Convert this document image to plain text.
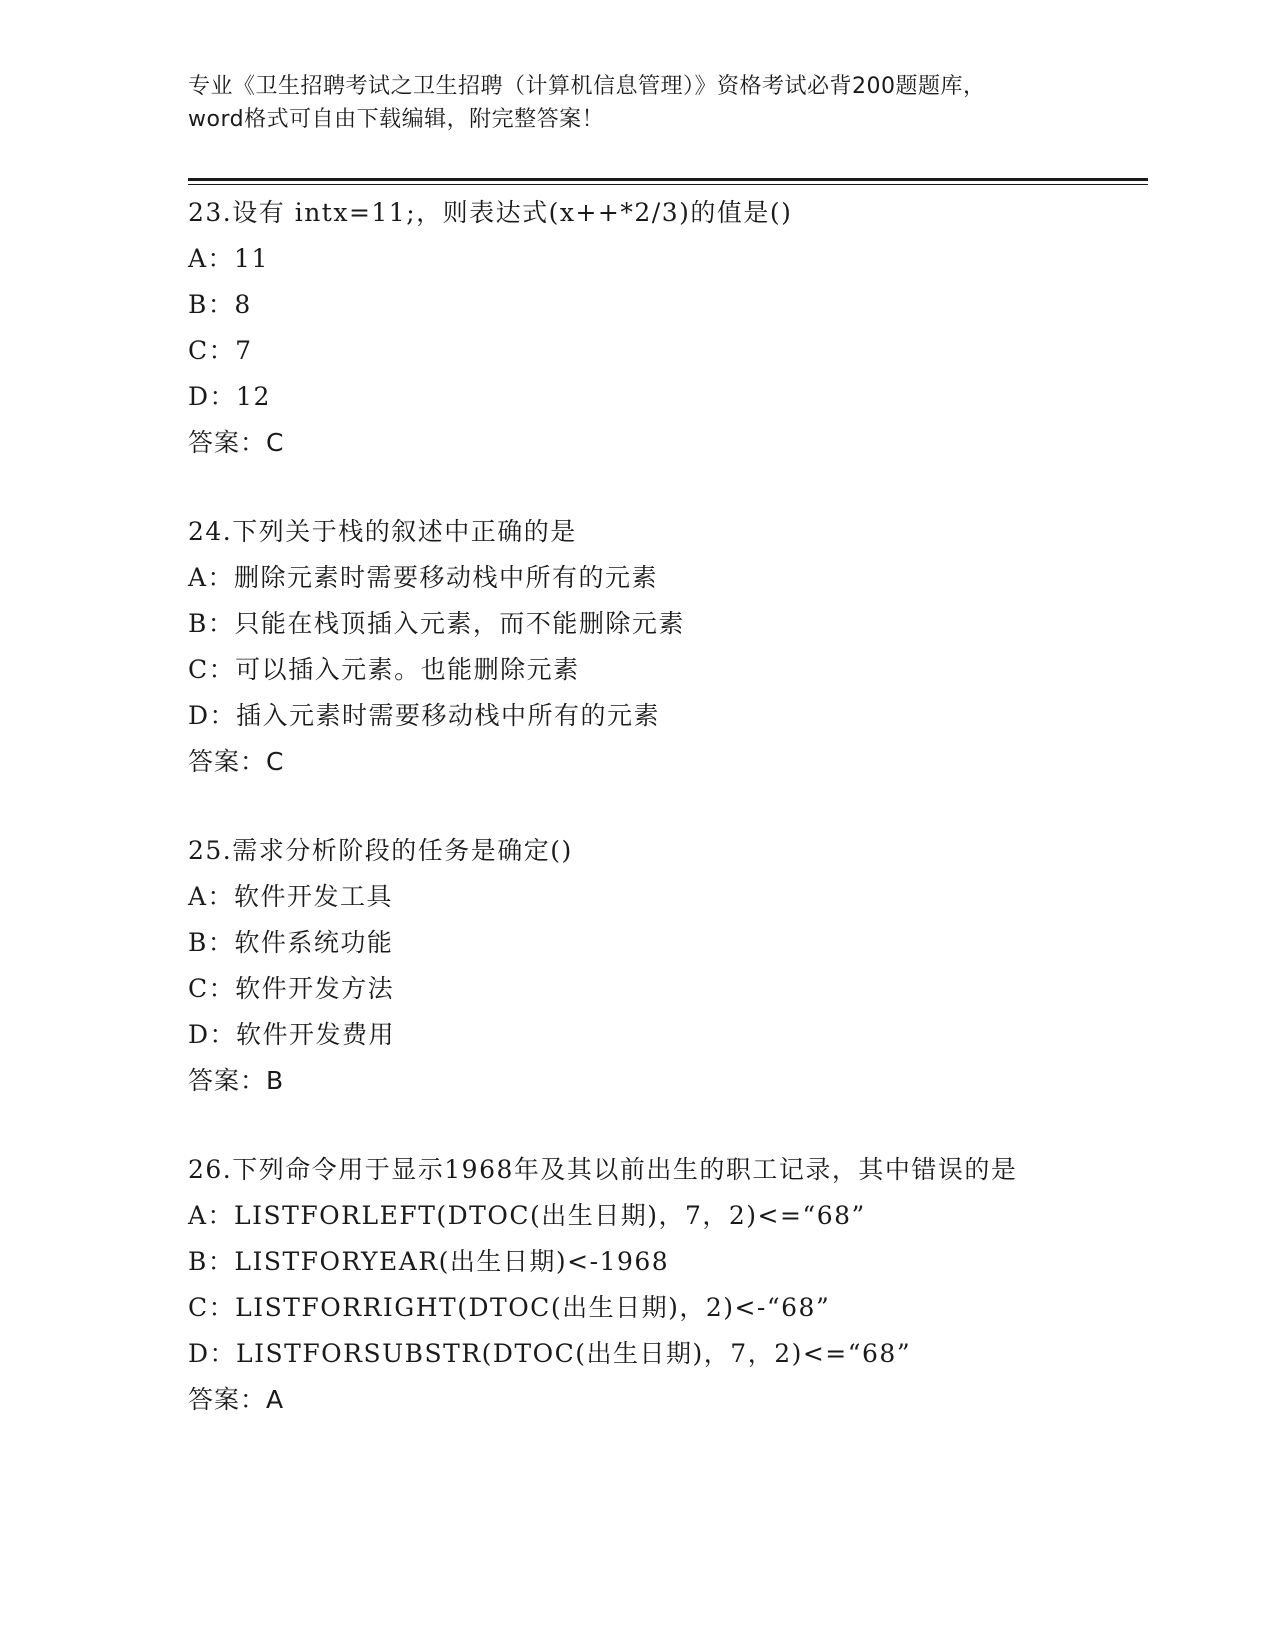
专业《卫生招聘考试之卫生招聘（计算机信息管理）》资格考试必背200题题库，
word格式可自由下载编辑，附完整答案！
23.设有 intx=11;，则表达式(x++*2/3)的值是()
A：11
B：8
C：7
D：12
答案：C
24.下列关于栈的叙述中正确的是
A：删除元素时需要移动栈中所有的元素
B：只能在栈顶插入元素，而不能删除元素
C：可以插入元素。也能删除元素
D：插入元素时需要移动栈中所有的元素
答案：C
25.需求分析阶段的任务是确定()
A：软件开发工具
B：软件系统功能
C：软件开发方法
D：软件开发费用
答案：B
26.下列命令用于显示1968年及其以前出生的职工记录，其中错误的是
A：LISTFORLEFT(DTOC(出生日期)，7，2)<=“68”
B：LISTFORYEAR(出生日期)<-1968
C：LISTFORRIGHT(DTOC(出生日期)，2)<-“68”
D：LISTFORSUBSTR(DTOC(出生日期)，7，2)<=“68”
答案：A
